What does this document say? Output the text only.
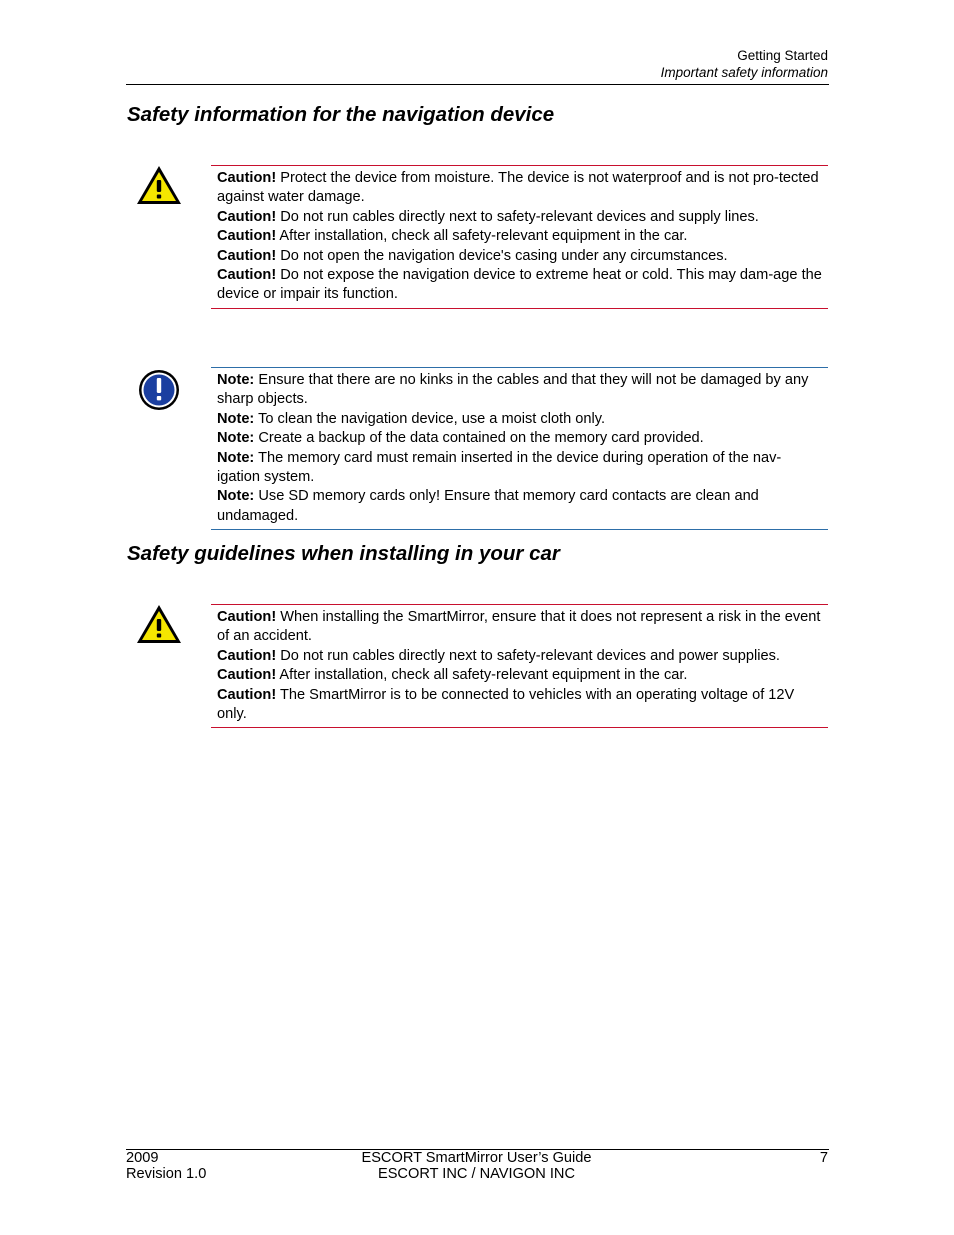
Getting Started
Important safety information
Safety information for the navigation device

Caution! Protect the device from moisture. The device is not waterproof and is not pro-tected against water damage.

Caution! Do not run cables directly next to safety-relevant devices and supply lines.

Caution! After installation, check all safety-relevant equipment in the car.

Caution! Do not open the navigation device's casing under any circumstances.

Caution! Do not expose the navigation device to extreme heat or cold. This may dam-age the device or impair its function.

Note: Ensure that there are no kinks in the cables and that they will not be damaged by any sharp objects.

Note: To clean the navigation device, use a moist cloth only.

Note: Create a backup of the data contained on the memory card provided.

Note: The memory card must remain inserted in the device during operation of the nav-igation system.

Note: Use SD memory cards only! Ensure that memory card contacts are clean and undamaged.

Safety guidelines when installing in your car

Caution! When installing the SmartMirror, ensure that it does not represent a risk in the event of an accident.

Caution! Do not run cables directly next to safety-relevant devices and power supplies.

Caution! After installation, check all safety-relevant equipment in the car.

Caution! The SmartMirror is to be connected to vehicles with an operating voltage of 12V only.

2009
Revision 1.0
ESCORT SmartMirror User’s Guide
ESCORT INC / NAVIGON INC
7
